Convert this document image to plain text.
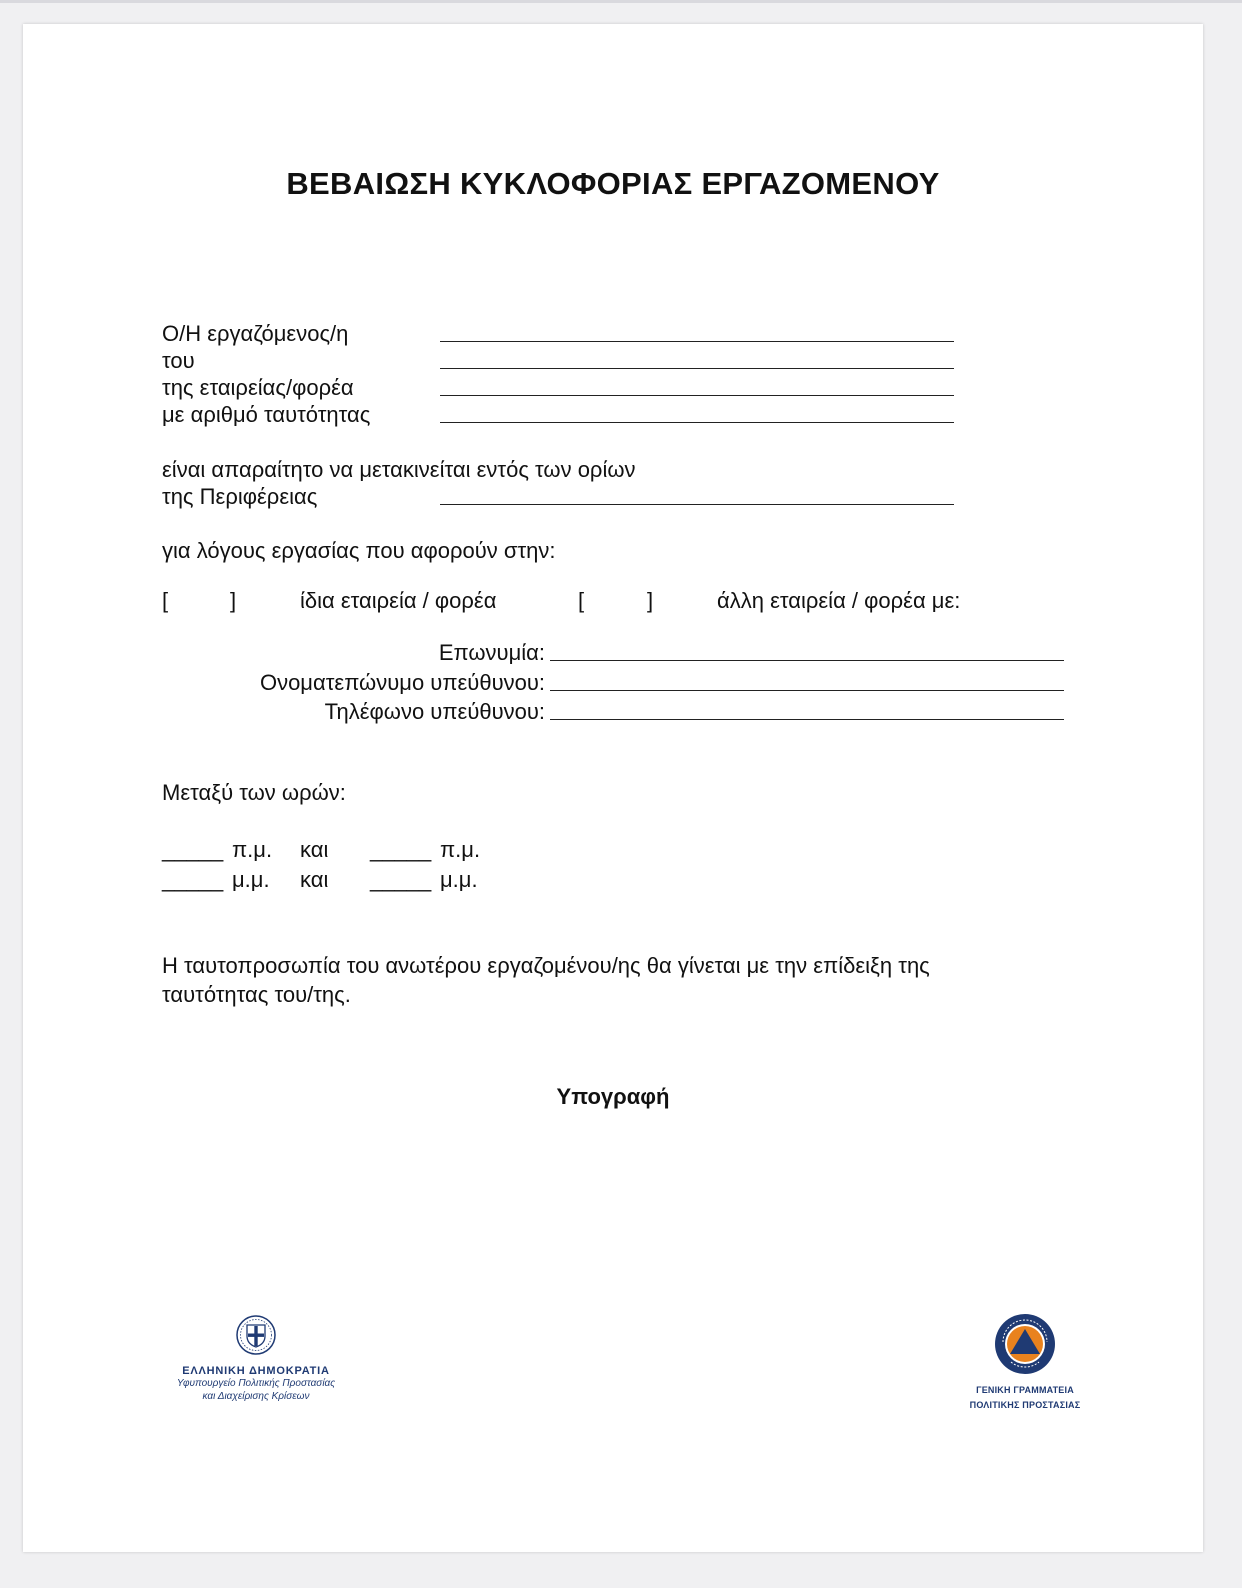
ΒΕΒΑΙΩΣΗ ΚΥΚΛΟΦΟΡΙΑΣ ΕΡΓΑΖΟΜΕΝΟΥ
Ο/Η εργαζόμενος/η
του
της εταιρείας/φορέα
με αριθμό ταυτότητας
είναι απαραίτητο να μετακινείται εντός των ορίων
της Περιφέρειας
για λόγους εργασίας που αφορούν στην:
[	]	ίδια εταιρεία / φορέα	[	]	άλλη εταιρεία / φορέα με:
Επωνυμία:
Ονοματεπώνυμο υπεύθυνου:
Τηλέφωνο υπεύθυνου:
Μεταξύ των ωρών:
_____ π.μ. και _____ π.μ.
_____ μ.μ. και _____ μ.μ.
Η ταυτοπροσωπία του ανωτέρου εργαζομένου/ης θα γίνεται με την επίδειξη της
ταυτότητας του/της.
Υπογραφή
ΕΛΛΗΝΙΚΗ ΔΗΜΟΚΡΑΤΙΑ
Υφυπουργείο Πολιτικής Προστασίας
και Διαχείρισης Κρίσεων
ΓΕΝΙΚΗ ΓΡΑΜΜΑΤΕΙΑ
ΠΟΛΙΤΙΚΗΣ ΠΡΟΣΤΑΣΙΑΣ
